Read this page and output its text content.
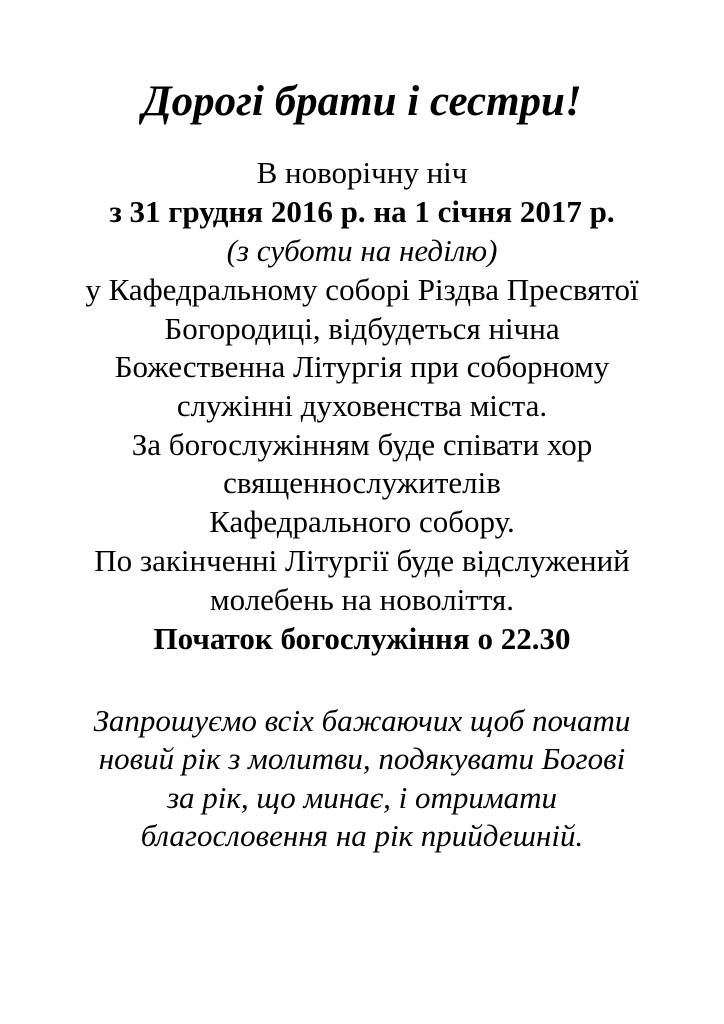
Дорогі брати і сестри!
В новорічну ніч
з 31 грудня 2016 р. на 1 січня 2017 р.
(з суботи на неділю)
у Кафедральному соборі Різдва Пресвятої
Богородиці, відбудеться нічна
Божественна Літургія при соборному
служінні духовенства міста.
За богослужінням буде співати хор
священнослужителів
Кафедрального собору.
По закінченні Літургії буде відслужений
молебень на новоліття.
Початок богослужіння о 22.30
Запрошуємо всіх бажаючих щоб почати
новий рік з молитви, подякувати Богові
за рік, що минає, і отримати
благословення на рік прийдешній.
